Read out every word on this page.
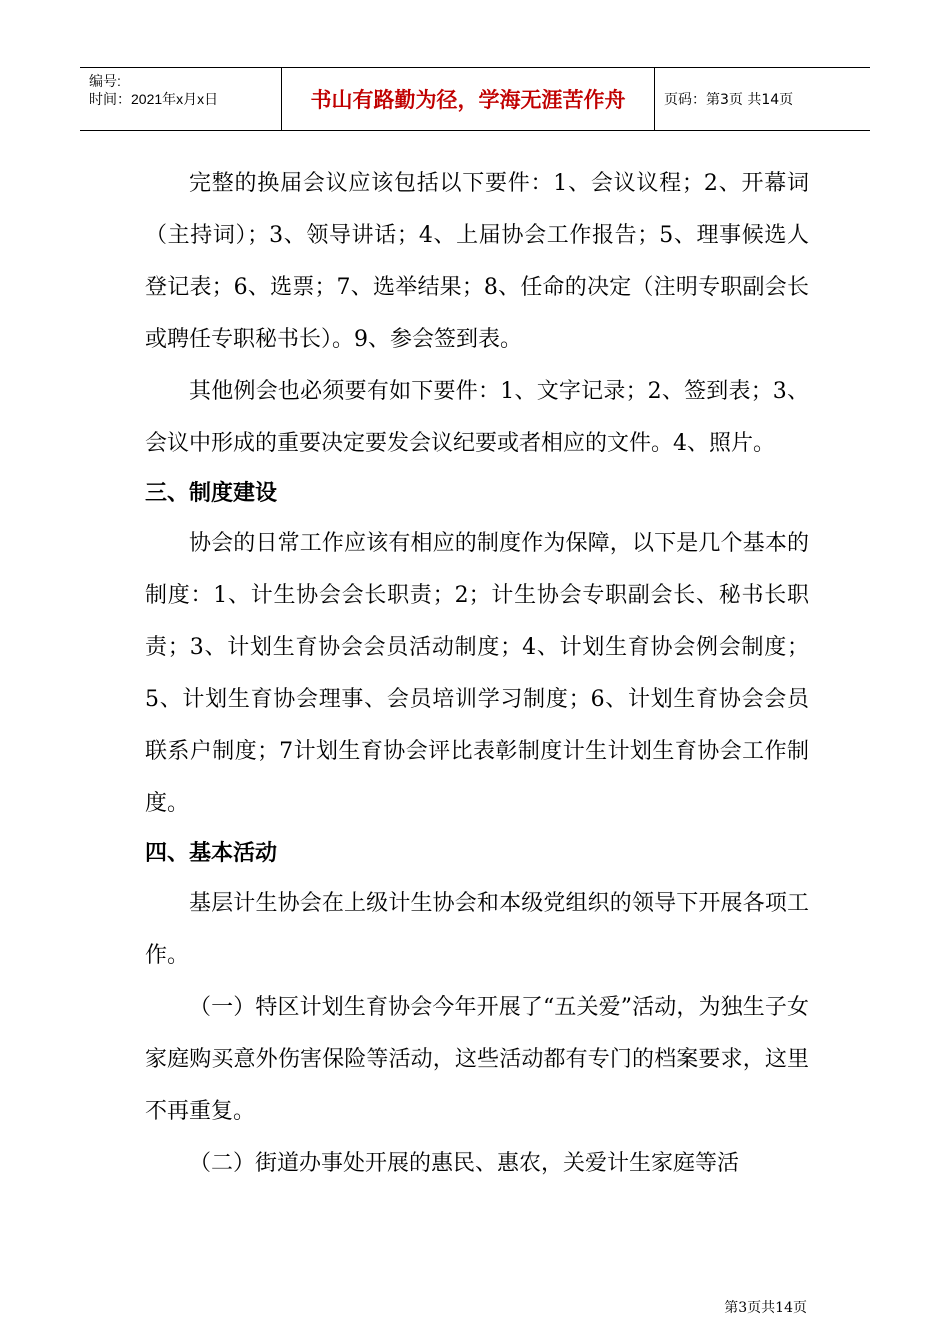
编号:
时间：2021年x月x日	书山有路勤为径，学海无涯苦作舟	页码：第3页 共14页

完整的换届会议应该包括以下要件：1、会议议程；2、开幕词（主持词）；3、领导讲话；4、上届协会工作报告；5、理事候选人登记表；6、选票；7、选举结果；8、任命的决定（注明专职副会长或聘任专职秘书长）。9、参会签到表。

其他例会也必须要有如下要件：1、文字记录；2、签到表；3、会议中形成的重要决定要发会议纪要或者相应的文件。4、照片。

三、制度建设

协会的日常工作应该有相应的制度作为保障，以下是几个基本的制度：1、计生协会会长职责；2；计生协会专职副会长、秘书长职责；3、计划生育协会会员活动制度；4、计划生育协会例会制度；5、计划生育协会理事、会员培训学习制度；6、计划生育协会会员联系户制度；7计划生育协会评比表彰制度计生计划生育协会工作制度。

四、基本活动

基层计生协会在上级计生协会和本级党组织的领导下开展各项工作。

（一）特区计划生育协会今年开展了“五关爱”活动，为独生子女家庭购买意外伤害保险等活动，这些活动都有专门的档案要求，这里不再重复。

（二）街道办事处开展的惠民、惠农，关爱计生家庭等活

第3页共14页
